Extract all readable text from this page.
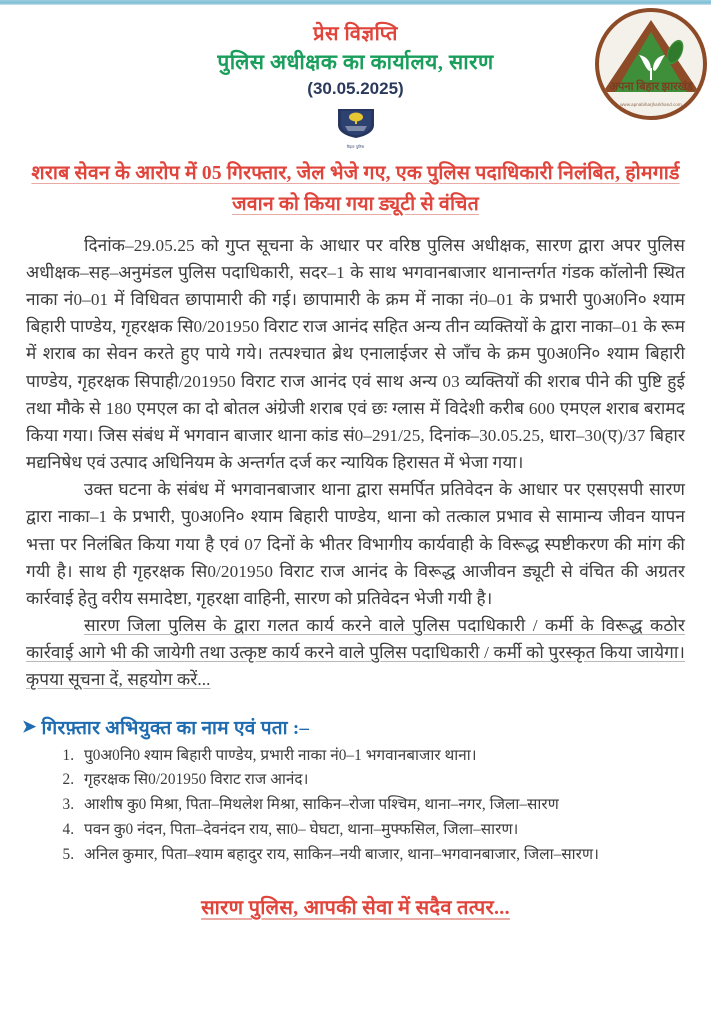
अपना बिहार झारखंड
www.apnabiharjharkhand.com
प्रेस विज्ञप्ति
पुलिस अधीक्षक का कार्यालय, सारण
(30.05.2025)
बिहार पुलिस
शराब सेवन के आरोप में 05 गिरफ्तार, जेल भेजे गए, एक पुलिस पदाधिकारी निलंबित, होमगार्ड जवान को किया गया ड्यूटी से वंचित

दिनांक–29.05.25 को गुप्त सूचना के आधार पर वरिष्ठ पुलिस अधीक्षक, सारण द्वारा अपर पुलिस अधीक्षक–सह–अनुमंडल पुलिस पदाधिकारी, सदर–1 के साथ भगवानबाजार थानान्तर्गत गंडक कॉलोनी स्थित नाका नं0–01 में विधिवत छापामारी की गई। छापामारी के क्रम में नाका नं0–01 के प्रभारी पु0अ0नि० श्याम बिहारी पाण्डेय, गृहरक्षक सि0/201950 विराट राज आनंद सहित अन्य तीन व्यक्तियों के द्वारा नाका–01 के रूम में शराब का सेवन करते हुए पाये गये। तत्पश्चात ब्रेथ एनालाईजर से जाँच के क्रम पु0अ0नि० श्याम बिहारी पाण्डेय, गृहरक्षक सिपाही/201950 विराट राज आनंद एवं साथ अन्य 03 व्यक्तियों की शराब पीने की पुष्टि हुई तथा मौके से 180 एमएल का दो बोतल अंग्रेजी शराब एवं छः ग्लास में विदेशी करीब 600 एमएल शराब बरामद किया गया। जिस संबंध में भगवान बाजार थाना कांड सं0–291/25, दिनांक–30.05.25, धारा–30(ए)/37 बिहार मद्यनिषेध एवं उत्पाद अधिनियम के अन्तर्गत दर्ज कर न्यायिक हिरासत में भेजा गया।

उक्त घटना के संबंध में भगवानबाजार थाना द्वारा समर्पित प्रतिवेदन के आधार पर एसएसपी सारण द्वारा नाका–1 के प्रभारी, पु0अ0नि० श्याम बिहारी पाण्डेय, थाना को तत्काल प्रभाव से सामान्य जीवन यापन भत्ता पर निलंबित किया गया है एवं 07 दिनों के भीतर विभागीय कार्यवाही के विरूद्ध स्पष्टीकरण की मांग की गयी है। साथ ही गृहरक्षक सि0/201950 विराट राज आनंद के विरूद्ध आजीवन ड्यूटी से वंचित की अग्रतर कार्रवाई हेतु वरीय समादेष्टा, गृहरक्षा वाहिनी, सारण को प्रतिवेदन भेजी गयी है।

सारण जिला पुलिस के द्वारा गलत कार्य करने वाले पुलिस पदाधिकारी / कर्मी के विरूद्ध कठोर कार्रवाई आगे भी की जायेगी तथा उत्कृष्ट कार्य करने वाले पुलिस पदाधिकारी / कर्मी को पुरस्कृत किया जायेगा। कृपया सूचना दें, सहयोग करें...

➤ गिरफ़्तार अभियुक्त का नाम एवं पता :–
1. पु0अ0नि0 श्याम बिहारी पाण्डेय, प्रभारी नाका नं0–1 भगवानबाजार थाना।
2. गृहरक्षक सि0/201950 विराट राज आनंद।
3. आशीष कु0 मिश्रा, पिता–मिथलेश मिश्रा, साकिन–रोजा पश्चिम, थाना–नगर, जिला–सारण
4. पवन कु0 नंदन, पिता–देवनंदन राय, सा0– घेघटा, थाना–मुफ्फसिल, जिला–सारण।
5. अनिल कुमार, पिता–श्याम बहादुर राय, साकिन–नयी बाजार, थाना–भगवानबाजार, जिला–सारण।
सारण पुलिस, आपकी सेवा में सदैव तत्पर...
